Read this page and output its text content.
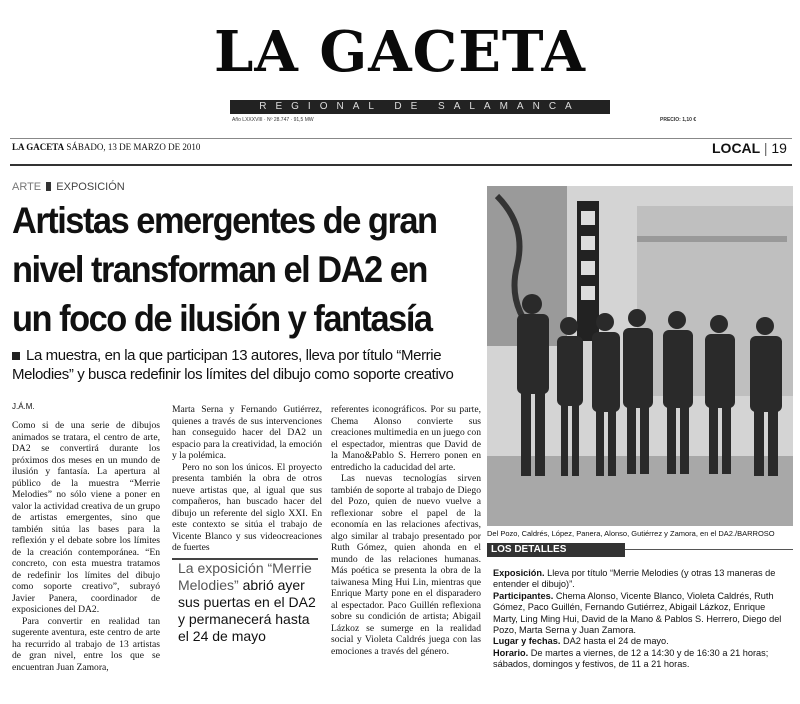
LA GACETA
REGIONAL DE SALAMANCA
Año LXXXVIII · Nº 28.747 · 91,5 MW	PRECIO: 1,10 €
LA GACETA SÁBADO, 13 DE MARZO DE 2010	LOCAL | 19
ARTE EXPOSICIÓN
Artistas emergentes de gran nivel transforman el DA2 en un foco de ilusión y fantasía
La muestra, en la que participan 13 autores, lleva por título “Merrie Melodies” y busca redefinir los límites del dibujo como soporte creativo
J.Á.M.

Como si de una serie de dibujos animados se tratara, el centro de arte, DA2 se convertirá durante los próximos dos meses en un mundo de ilusión y fantasía. La apertura al público de la muestra “Merrie Melodies” no sólo viene a poner en valor la actividad creativa de un grupo de artistas emergentes, sino que también sitúa las bases para la reflexión y el debate sobre los límites de la creación contemporánea. “En concreto, con esta muestra tratamos de redefinir los límites del dibujo como soporte creativo”, subrayó Javier Panera, coordinador de exposiciones del DA2.

Para convertir en realidad tan sugerente aventura, este centro de arte ha recurrido al trabajo de 13 artistas de gran nivel, entre los que se encuentran Juan Zamora,

Marta Serna y Fernando Gutiérrez, quienes a través de sus intervenciones han conseguido hacer del DA2 un espacio para la creatividad, la emoción y la polémica.

Pero no son los únicos. El proyecto presenta también la obra de otros nueve artistas que, al igual que sus compañeros, han buscado hacer del dibujo un referente del siglo XXI. En este contexto se sitúa el trabajo de Vicente Blanco y sus videocreaciones de fuertes

La exposición “Merrie Melodies” abrió ayer sus puertas en el DA2 y permanecerá hasta el 24 de mayo

referentes iconográficos. Por su parte, Chema Alonso convierte sus creaciones multimedia en un juego con el espectador, mientras que David de la Mano&Pablo S. Herrero ponen en entredicho la caducidad del arte.

Las nuevas tecnologías sirven también de soporte al trabajo de Diego del Pozo, quien de nuevo vuelve a reflexionar sobre el papel de la economía en las relaciones afectivas, algo similar al trabajo presentado por Ruth Gómez, quien ahonda en el mundo de las relaciones humanas. Más poética se presenta la obra de la taiwanesa Ming Hui Lin, mientras que Enrique Marty pone en el disparadero al espectador. Paco Guillén reflexiona sobre su condición de artista; Abigail Lázkoz se sumerge en la realidad social y Violeta Caldrés juega con las emociones a través del género.

Del Pozo, Caldrés, López, Panera, Alonso, Gutiérrez y Zamora, en el DA2./BARROSO
LOS DETALLES

Exposición. Lleva por título “Merrie Melodies (y otras 13 maneras de entender el dibujo)”.

Participantes. Chema Alonso, Vicente Blanco, Violeta Caldrés, Ruth Gómez, Paco Guillén, Fernando Gutiérrez, Abigail Lázkoz, Enrique Marty, Ling Ming Hui, David de la Mano & Pablos S. Herrero, Diego del Pozo, Marta Serna y Juan Zamora.

Lugar y fechas. DA2 hasta el 24 de mayo.

Horario. De martes a viernes, de 12 a 14:30 y de 16:30 a 21 horas; sábados, domingos y festivos, de 11 a 21 horas.
